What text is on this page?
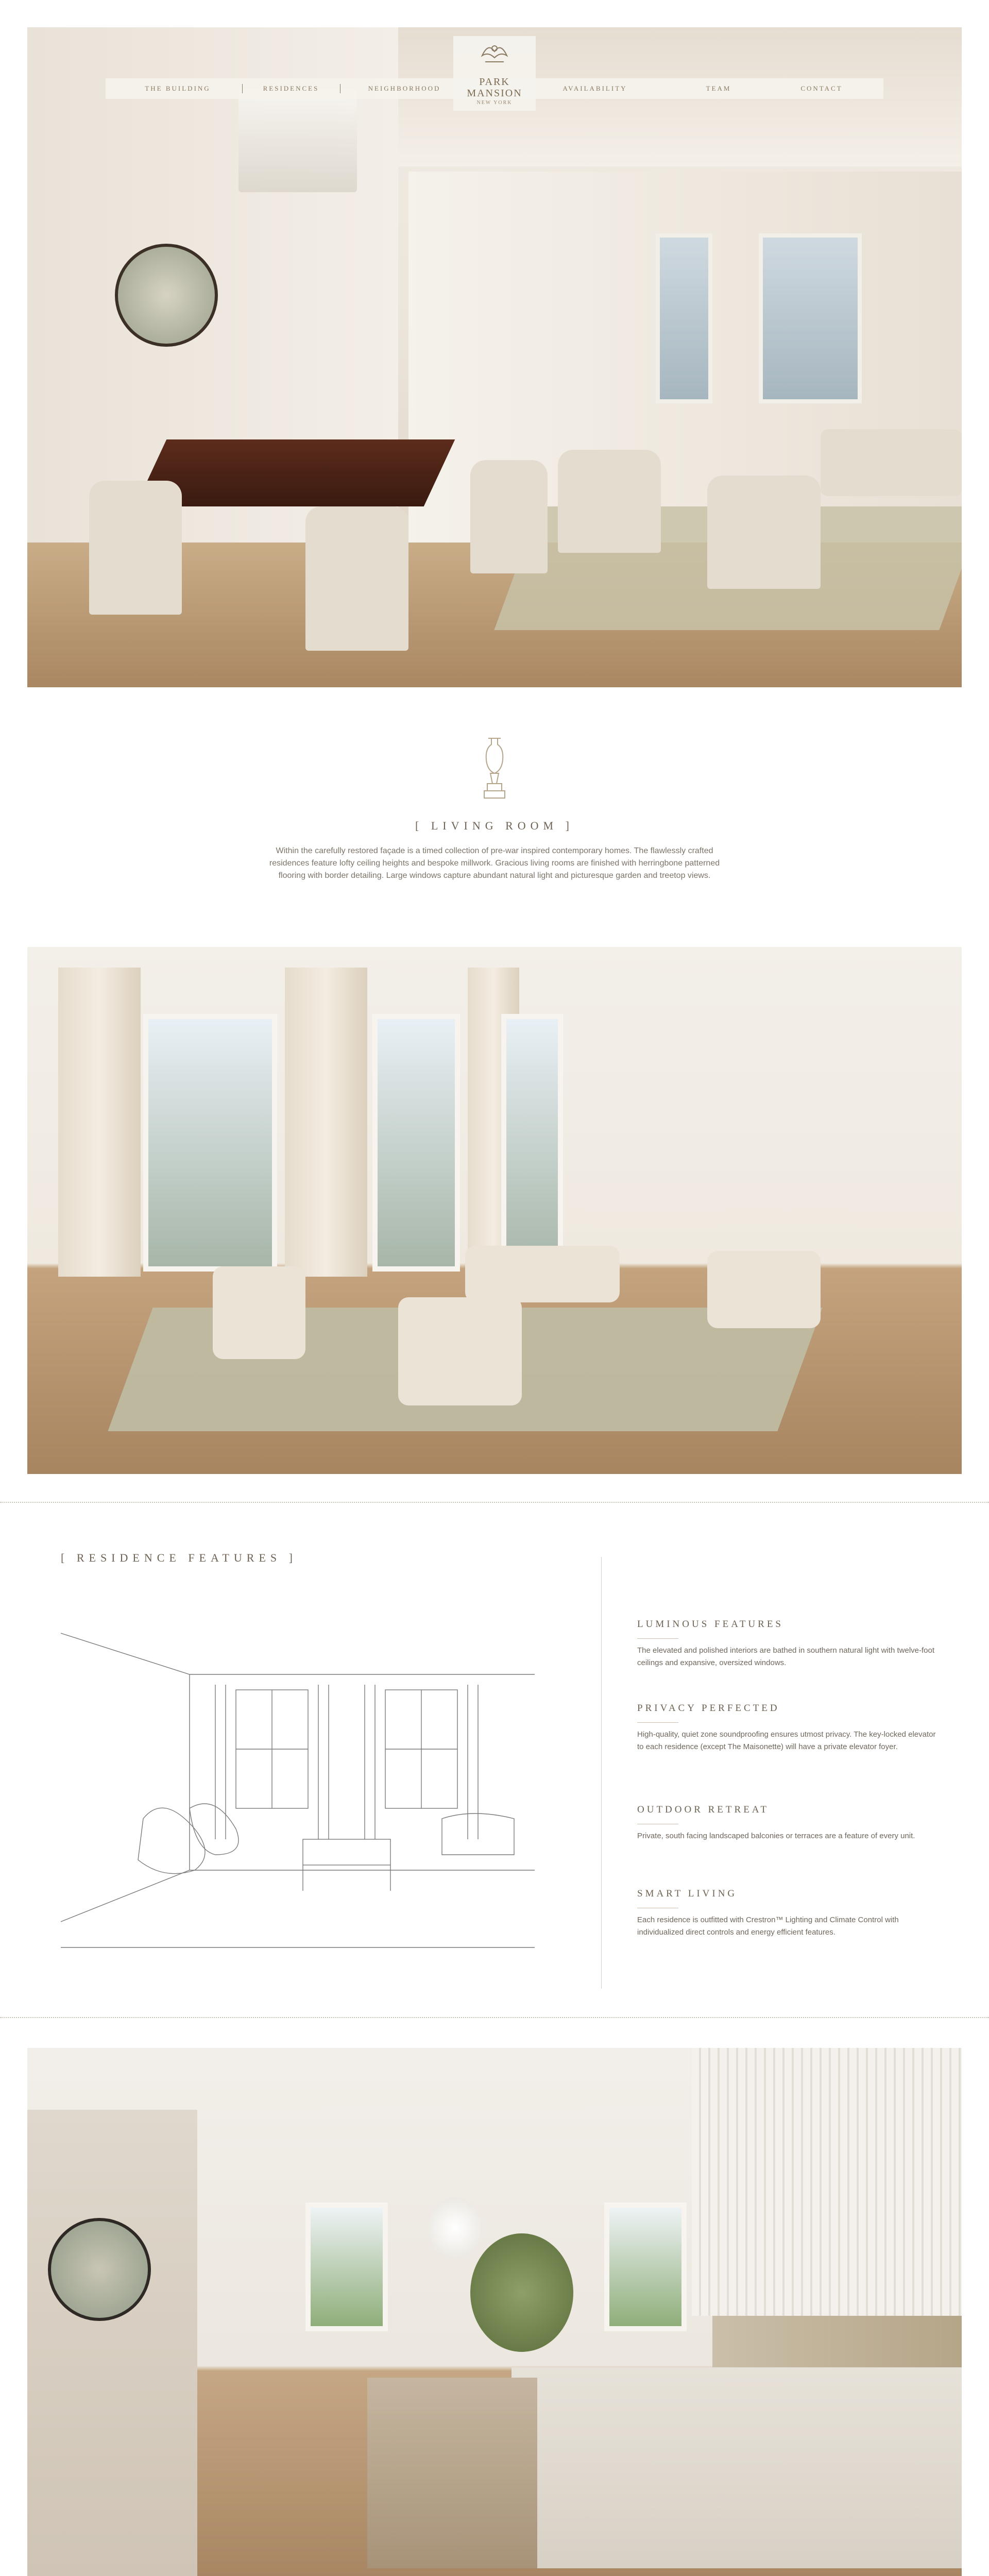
THE BUILDING	RESIDENCES	NEIGHBORHOOD	AVAILABILITY	TEAM	CONTACT
PARK
MANSION
NEW YORK
[ LIVING ROOM ]
Within the carefully restored façade is a timed collection of pre-war inspired contemporary homes. The flawlessly crafted
residences feature lofty ceiling heights and bespoke millwork. Gracious living rooms are finished with herringbone patterned
flooring with border detailing. Large windows capture abundant natural light and picturesque garden and treetop views.
[ RESIDENCE FEATURES ]
LUMINOUS FEATURES
The elevated and polished interiors are bathed in southern natural light with twelve-foot ceilings and expansive, oversized windows.
PRIVACY PERFECTED
High-quality, quiet zone soundproofing ensures utmost privacy. The key-locked elevator to each residence (except The Maisonette) will have a private elevator foyer.
OUTDOOR RETREAT
Private, south facing landscaped balconies or terraces are a feature of every unit.
SMART LIVING
Each residence is outfitted with Crestron™ Lighting and Climate Control with individualized direct controls and energy efficient features.
